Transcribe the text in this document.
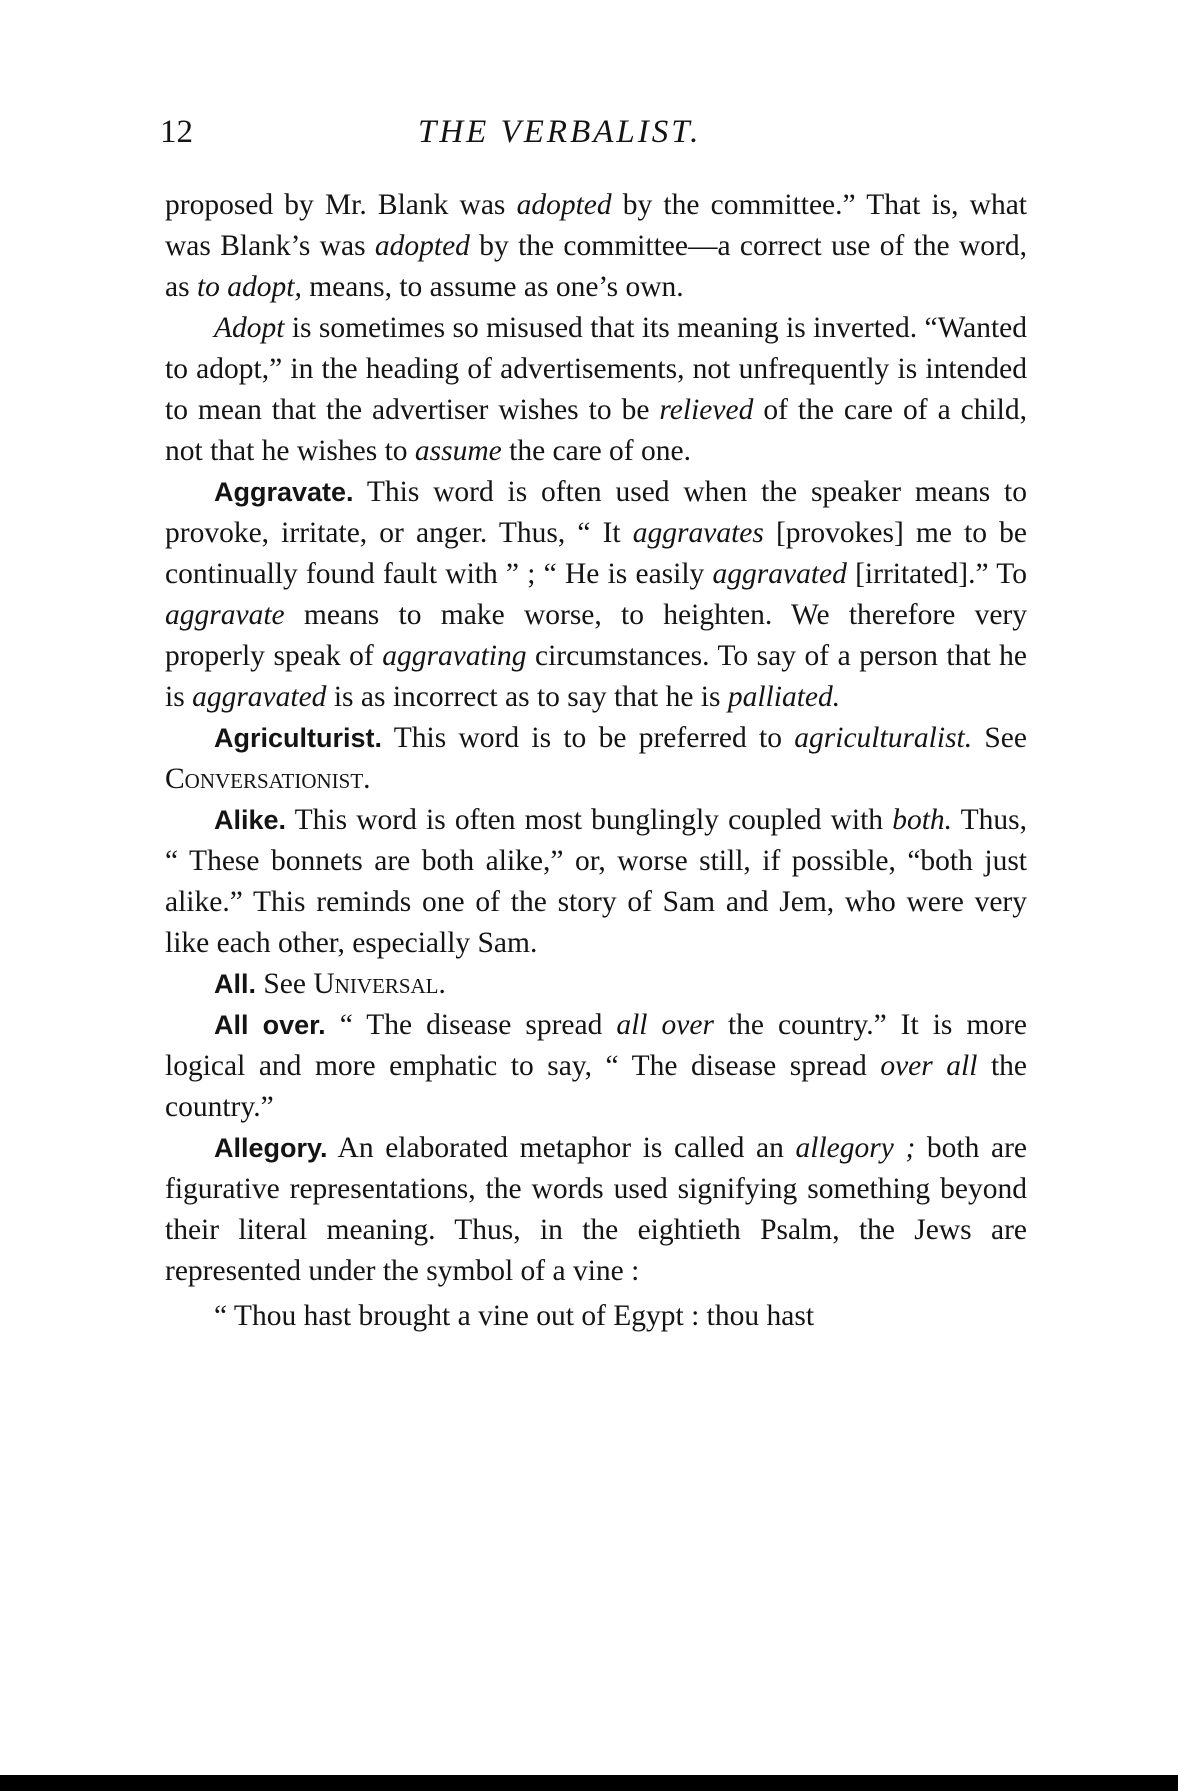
12	THE VERBALIST.

proposed by Mr. Blank was adopted by the committee.” That is, what was Blank’s was adopted by the committee—a correct use of the word, as to adopt, means, to assume as one’s own.

Adopt is sometimes so misused that its meaning is inverted. “Wanted to adopt,” in the heading of advertisements, not unfrequently is intended to mean that the advertiser wishes to be relieved of the care of a child, not that he wishes to assume the care of one.

Aggravate. This word is often used when the speaker means to provoke, irritate, or anger. Thus, “ It aggravates [provokes] me to be continually found fault with ” ; “ He is easily aggravated [irritated].” To aggravate means to make worse, to heighten. We therefore very properly speak of aggravating circumstances. To say of a person that he is aggravated is as incorrect as to say that he is palliated.

Agriculturist. This word is to be preferred to agriculturalist. See Conversationist.

Alike. This word is often most bunglingly coupled with both. Thus, “ These bonnets are both alike,” or, worse still, if possible, “both just alike.” This reminds one of the story of Sam and Jem, who were very like each other, especially Sam.

All. See Universal.

All over. “ The disease spread all over the country.” It is more logical and more emphatic to say, “ The disease spread over all the country.”

Allegory. An elaborated metaphor is called an allegory ; both are figurative representations, the words used signifying something beyond their literal meaning. Thus, in the eightieth Psalm, the Jews are represented under the symbol of a vine :

“ Thou hast brought a vine out of Egypt : thou hast
